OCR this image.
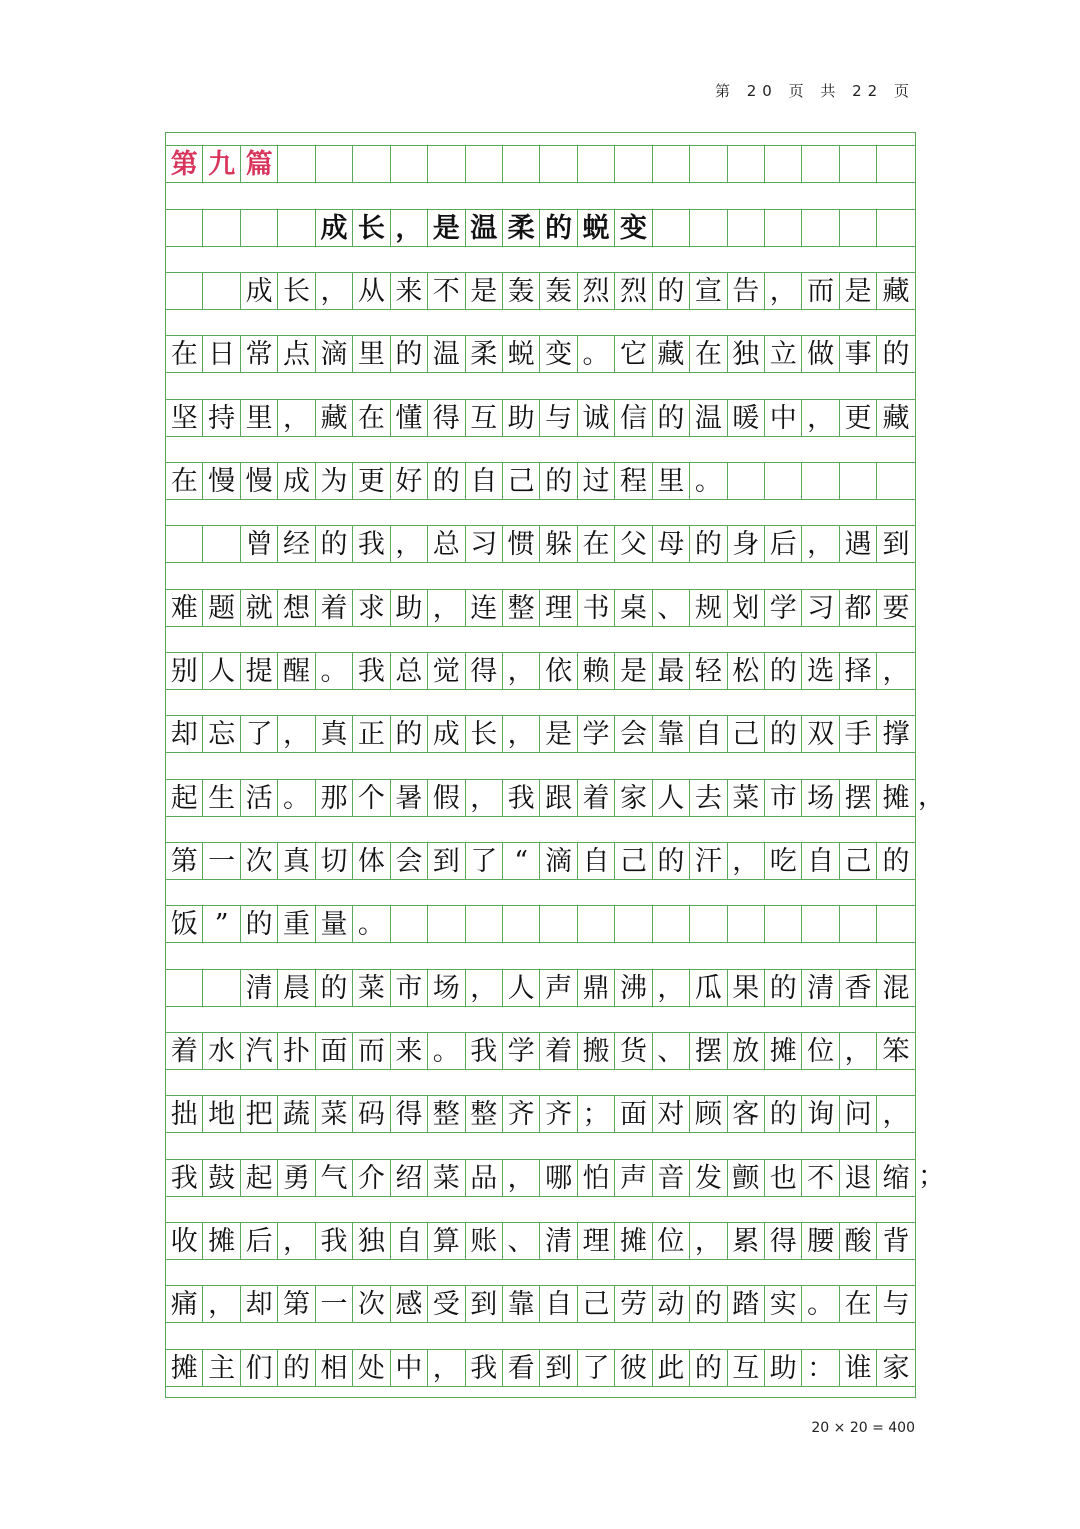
第 20 页 共 22 页
第 九 篇
成 长 ， 是 温 柔 的 蜕 变
成 长 ， 从 来 不 是 轰 轰 烈 烈 的 宣 告 ， 而 是 藏
在 日 常 点 滴 里 的 温 柔 蜕 变 。 它 藏 在 独 立 做 事 的
坚 持 里 ， 藏 在 懂 得 互 助 与 诚 信 的 温 暖 中 ， 更 藏
在 慢 慢 成 为 更 好 的 自 己 的 过 程 里 。
曾 经 的 我 ， 总 习 惯 躲 在 父 母 的 身 后 ， 遇 到
难 题 就 想 着 求 助 ， 连 整 理 书 桌 、 规 划 学 习 都 要
别 人 提 醒 。 我 总 觉 得 ， 依 赖 是 最 轻 松 的 选 择 ，
却 忘 了 ， 真 正 的 成 长 ， 是 学 会 靠 自 己 的 双 手 撑
起 生 活 。 那 个 暑 假 ， 我 跟 着 家 人 去 菜 市 场 摆 摊
第 一 次 真 切 体 会 到 了 “ 滴 自 己 的 汗 ， 吃 自 己 的
饭 ” 的 重 量 。
清 晨 的 菜 市 场 ， 人 声 鼎 沸 ， 瓜 果 的 清 香 混
着 水 汽 扑 面 而 来 。 我 学 着 搬 货 、 摆 放 摊 位 ， 笨
拙 地 把 蔬 菜 码 得 整 整 齐 齐 ； 面 对 顾 客 的 询 问 ，
我 鼓 起 勇 气 介 绍 菜 品 ， 哪 怕 声 音 发 颤 也 不 退 缩
收 摊 后 ， 我 独 自 算 账 、 清 理 摊 位 ， 累 得 腰 酸 背
痛 ， 却 第 一 次 感 受 到 靠 自 己 劳 动 的 踏 实 。 在 与
摊 主 们 的 相 处 中 ， 我 看 到 了 彼 此 的 互 助 ： 谁 家
20 × 20 = 400
，
；
